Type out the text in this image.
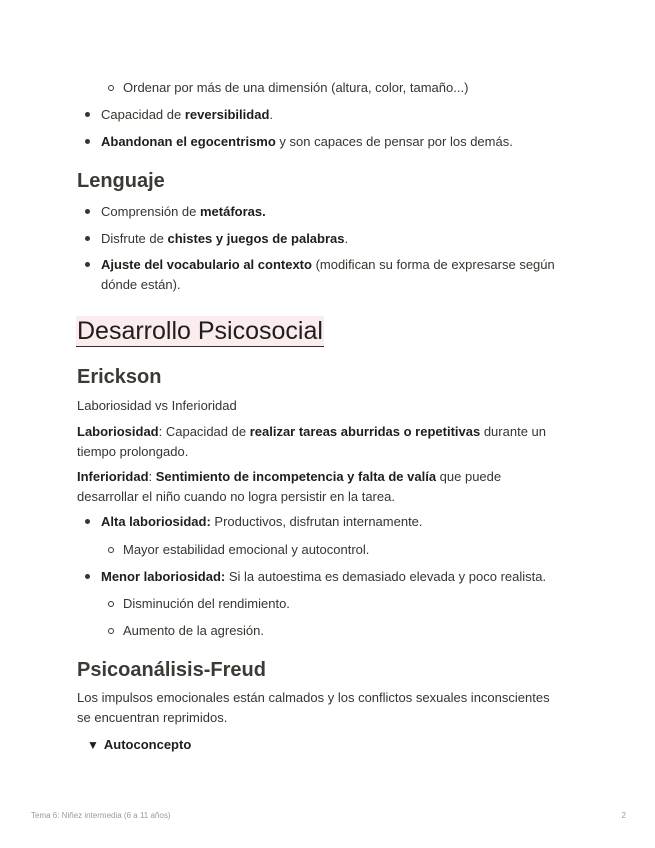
Ordenar por más de una dimensión (altura, color, tamaño...)
Capacidad de reversibilidad.
Abandonan el egocentrismo y son capaces de pensar por los demás.
Lenguaje
Comprensión de metáforas.
Disfrute de chistes y juegos de palabras.
Ajuste del vocabulario al contexto (modifican su forma de expresarse según
dónde están).
Desarrollo Psicosocial
Erickson
Laboriosidad vs Inferioridad
Laboriosidad: Capacidad de realizar tareas aburridas o repetitivas durante un
tiempo prolongado.
Inferioridad: Sentimiento de incompetencia y falta de valía que puede
desarrollar el niño cuando no logra persistir en la tarea.
Alta laboriosidad: Productivos, disfrutan internamente.
Mayor estabilidad emocional y autocontrol.
Menor laboriosidad: Si la autoestima es demasiado elevada y poco realista.
Disminución del rendimiento.
Aumento de la agresión.
Psicoanálisis-Freud
Los impulsos emocionales están calmados y los conflictos sexuales inconscientes
se encuentran reprimidos.
▼ Autoconcepto
Tema 6: Niñez intermedia (6 a 11 años)	2
